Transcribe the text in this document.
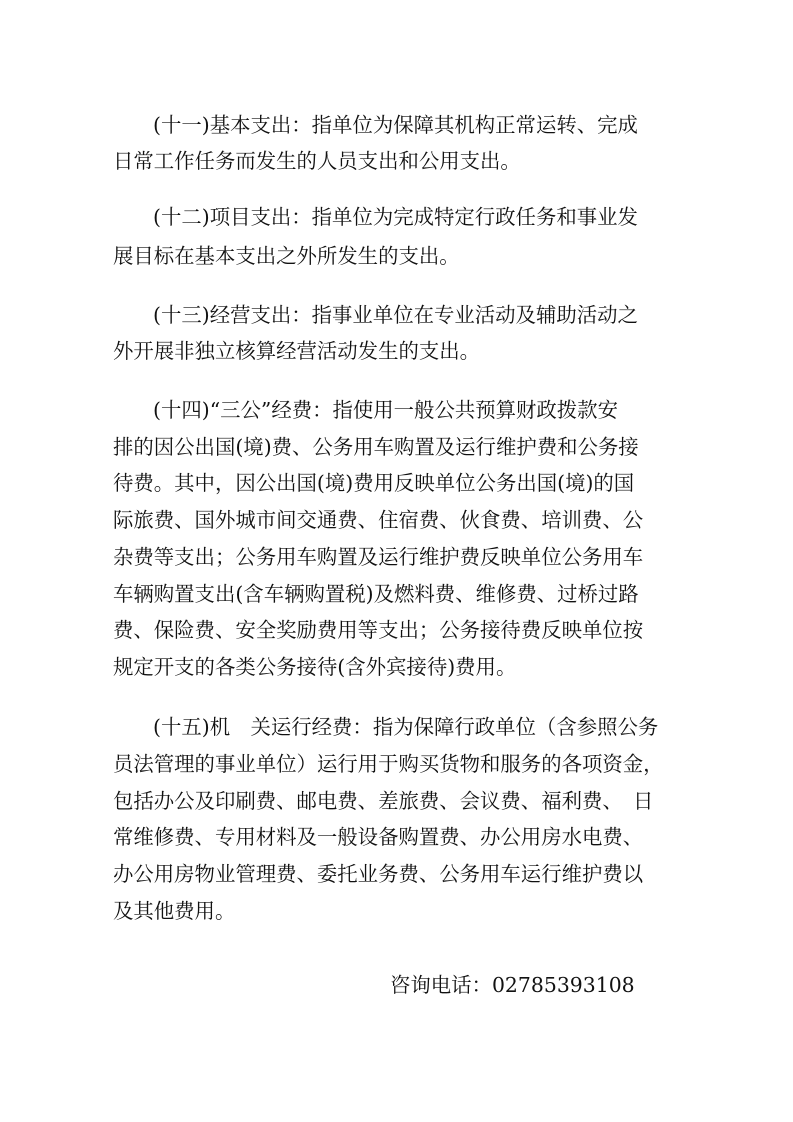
(十一)基本支出：指单位为保障其机构正常运转、完成
日常工作任务而发生的人员支出和公用支出。
(十二)项目支出：指单位为完成特定行政任务和事业发
展目标在基本支出之外所发生的支出。
(十三)经营支出：指事业单位在专业活动及辅助活动之
外开展非独立核算经营活动发生的支出。
(十四)“三公”经费：指使用一般公共预算财政拨款安
排的因公出国(境)费、公务用车购置及运行维护费和公务接
待费。其中，因公出国(境)费用反映单位公务出国(境)的国
际旅费、国外城市间交通费、住宿费、伙食费、培训费、公
杂费等支出；公务用车购置及运行维护费反映单位公务用车
车辆购置支出(含车辆购置税)及燃料费、维修费、过桥过路
费、保险费、安全奖励费用等支出；公务接待费反映单位按
规定开支的各类公务接待(含外宾接待)费用。
(十五)机　关运行经费：指为保障行政单位（含参照公务
员法管理的事业单位）运行用于购买货物和服务的各项资金，
包括办公及印刷费、邮电费、差旅费、会议费、福利费、　日
常维修费、专用材料及一般设备购置费、办公用房水电费、
办公用房物业管理费、委托业务费、公务用车运行维护费以
及其他费用。
咨询电话：02785393108
